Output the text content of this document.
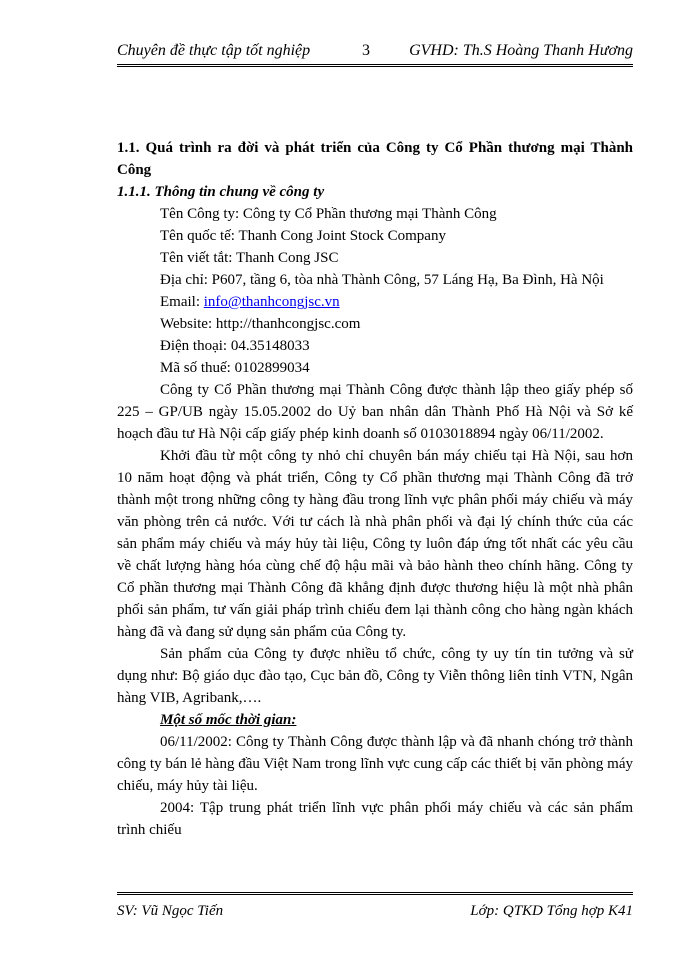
Chuyên đề thực tập tốt nghiệp	3 GVHD: Th.S Hoàng Thanh Hương

1.1. Quá trình ra đời và phát triển của Công ty Cổ Phần thương mại Thành Công

1.1.1. Thông tin chung về công ty

Tên Công ty: Công ty Cổ Phần thương mại Thành Công

Tên quốc tế: Thanh Cong Joint Stock Company

Tên viết tắt: Thanh Cong JSC

Địa chỉ: P607, tầng 6, tòa nhà Thành Công, 57 Láng Hạ, Ba Đình, Hà Nội

Email: info@thanhcongjsc.vn

Website: http://thanhcongjsc.com

Điện thoại: 04.35148033

Mã số thuế: 0102899034

Công ty Cổ Phần thương mại Thành Công được thành lập theo giấy phép số 225 – GP/UB ngày 15.05.2002 do Uỷ ban nhân dân Thành Phố Hà Nội và Sở kế hoạch đầu tư Hà Nội cấp giấy phép kinh doanh số 0103018894 ngày 06/11/2002.

Khởi đầu từ một công ty nhỏ chỉ chuyên bán máy chiếu tại Hà Nội, sau hơn 10 năm hoạt động và phát triển, Công ty Cổ phần thương mại Thành Công đã trở thành một trong những công ty hàng đầu trong lĩnh vực phân phối máy chiếu và máy văn phòng trên cả nước. Với tư cách là nhà phân phối và đại lý chính thức của các sản phẩm máy chiếu và máy hủy tài liệu, Công ty luôn đáp ứng tốt nhất các yêu cầu về chất lượng hàng hóa cùng chế độ hậu mãi và bảo hành theo chính hãng. Công ty Cổ phần thương mại Thành Công đã khẳng định được thương hiệu là một nhà phân phối sản phẩm, tư vấn giải pháp trình chiếu đem lại thành công cho hàng ngàn khách hàng đã và đang sử dụng sản phẩm của Công ty.

Sản phẩm của Công ty được nhiều tổ chức, công ty uy tín tin tưởng và sử dụng như: Bộ giáo dục đào tạo, Cục bản đồ, Công ty Viễn thông liên tỉnh VTN, Ngân hàng VIB, Agribank,….

Một số mốc thời gian:

06/11/2002: Công ty Thành Công được thành lập và đã nhanh chóng trở thành công ty bán lẻ hàng đầu Việt Nam trong lĩnh vực cung cấp các thiết bị văn phòng máy chiếu, máy hủy tài liệu.

2004: Tập trung phát triển lĩnh vực phân phối máy chiếu và các sản phẩm trình chiếu

SV: Vũ Ngọc Tiến	Lớp: QTKD Tổng hợp K41
